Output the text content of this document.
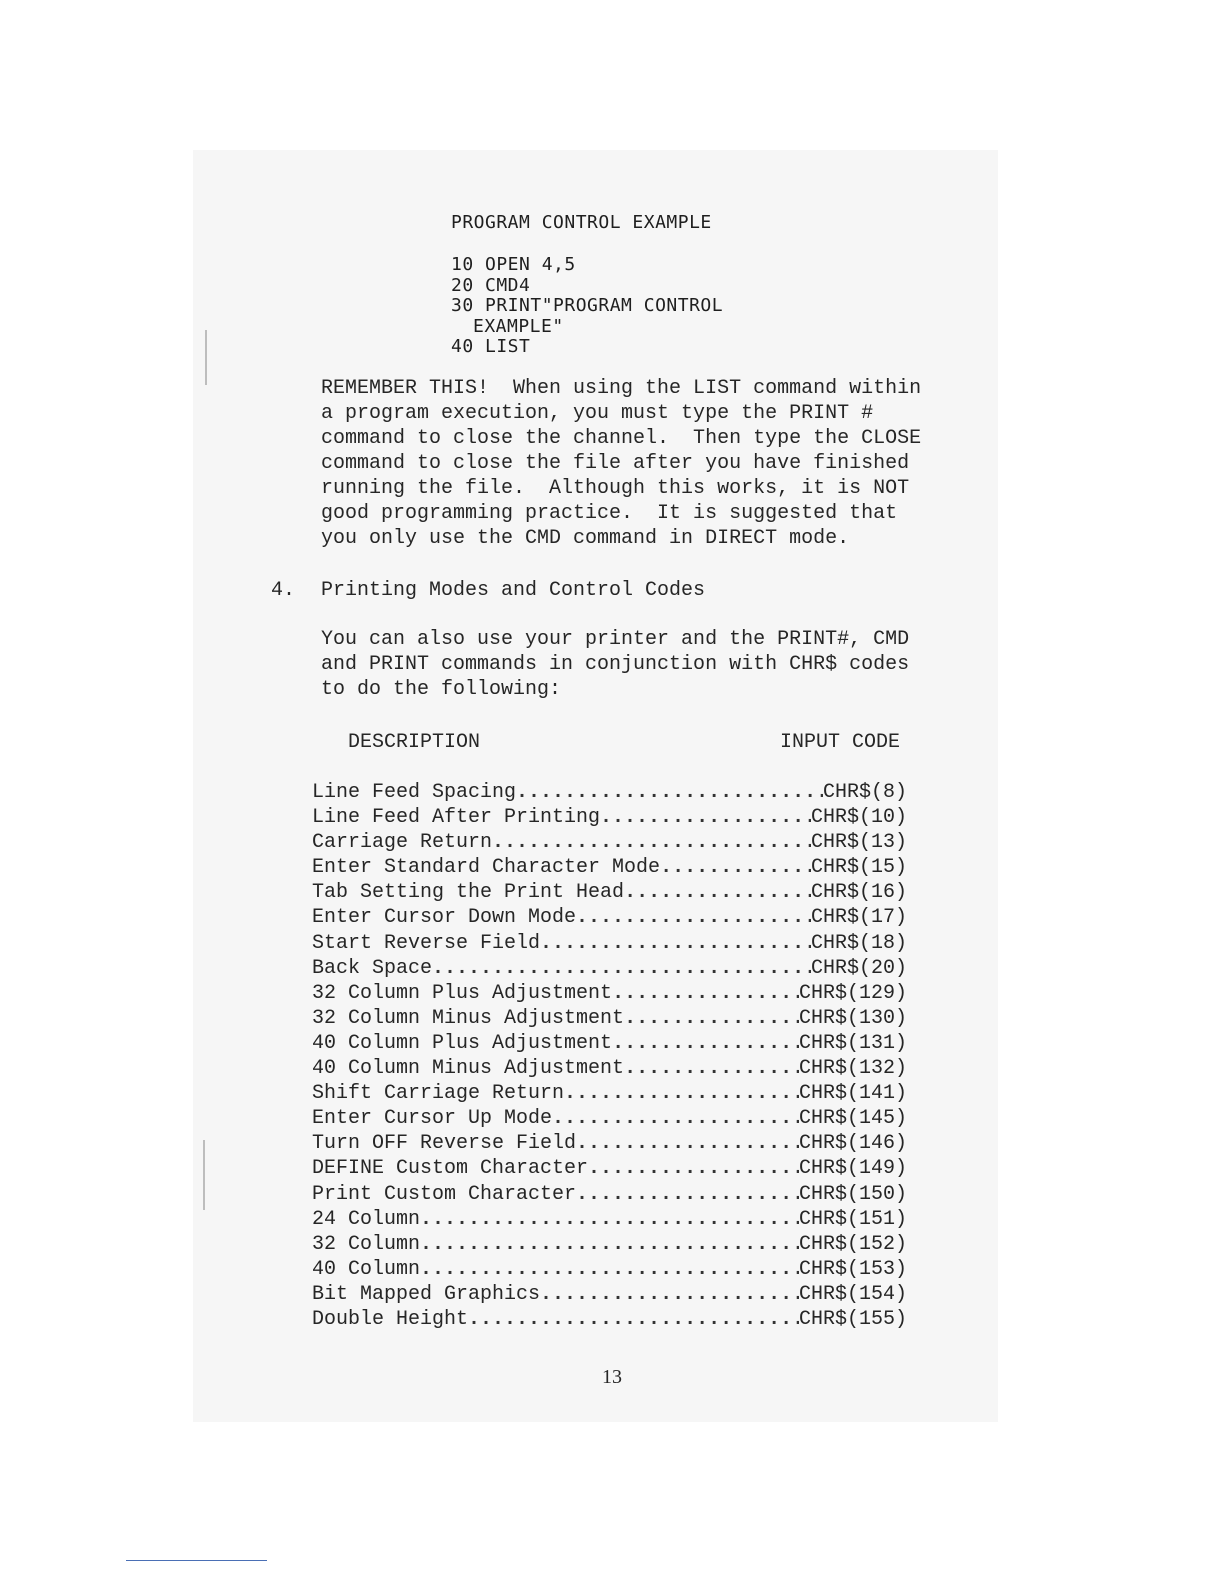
PROGRAM CONTROL EXAMPLE
10 OPEN 4,5
20 CMD4
30 PRINT"PROGRAM CONTROL
EXAMPLE"
40 LIST
REMEMBER THIS!  When using the LIST command within
a program execution, you must type the PRINT #
command to close the channel.  Then type the CLOSE
command to close the file after you have finished
running the file.  Although this works, it is NOT
good programming practice.  It is suggested that
you only use the CMD command in DIRECT mode.
4. Printing Modes and Control Codes
You can also use your printer and the PRINT#, CMD
and PRINT commands in conjunction with CHR$ codes
to do the following:
DESCRIPTION	INPUT CODE
Line Feed Spacing .....	CHR$(8)
Line Feed After Printing .....	CHR$(10)
Carriage Return .....	CHR$(13)
Enter Standard Character Mode .....	CHR$(15)
Tab Setting the Print Head .....	CHR$(16)
Enter Cursor Down Mode .....	CHR$(17)
Start Reverse Field .....	CHR$(18)
Back Space .....	CHR$(20)
32 Column Plus Adjustment .....	CHR$(129)
32 Column Minus Adjustment .....	CHR$(130)
40 Column Plus Adjustment .....	CHR$(131)
40 Column Minus Adjustment .....	CHR$(132)
Shift Carriage Return .....	CHR$(141)
Enter Cursor Up Mode .....	CHR$(145)
Turn OFF Reverse Field .....	CHR$(146)
DEFINE Custom Character .....	CHR$(149)
Print Custom Character .....	CHR$(150)
24 Column .....	CHR$(151)
32 Column .....	CHR$(152)
40 Column .....	CHR$(153)
Bit Mapped Graphics .....	CHR$(154)
Double Height .....	CHR$(155)
13
